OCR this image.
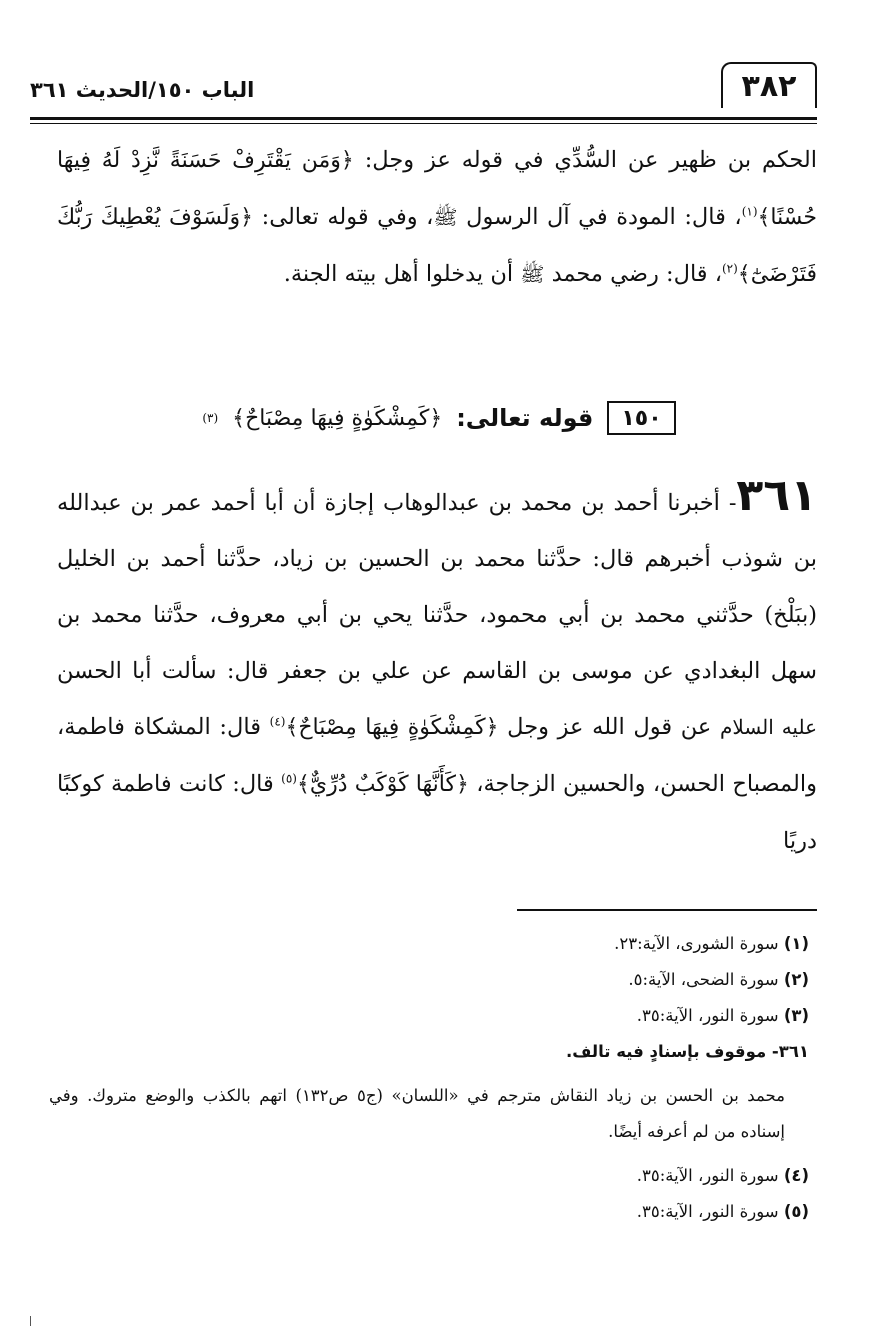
٣٨٢
الباب ١٥٠/الحديث ٣٦١
الحكم بن ظهير عن السُّدِّي في قوله عز وجل: ﴿وَمَن يَقْتَرِفْ حَسَنَةً نَّزِدْ لَهُ فِيهَا حُسْنًا﴾$^{(١)}$، قال: المودة في آل الرسول ﷺ، وفي قوله تعالى: ﴿وَلَسَوْفَ يُعْطِيكَ رَبُّكَ فَتَرْضَىٰٓ﴾$^{(٢)}$، قال: رضي محمد ﷺ أن يدخلوا أهل بيته الجنة.
١٥٠
قوله تعالى:
﴿كَمِشْكَوٰةٍ فِيهَا مِصْبَاحٌ﴾
(٣)
٣٦١- أخبرنا أحمد بن محمد بن عبدالوهاب إجازة أن أبا أحمد عمر بن عبدالله بن شوذب أخبرهم قال: حدَّثنا محمد بن الحسين بن زياد، حدَّثنا أحمد بن الخليل (ببَلْخ) حدَّثني محمد بن أبي محمود، حدَّثنا يحي بن أبي معروف، حدَّثنا محمد بن سهل البغدادي عن موسى بن القاسم عن علي بن جعفر قال: سألت أبا الحسن عليه السلام عن قول الله عز وجل ﴿كَمِشْكَوٰةٍ فِيهَا مِصْبَاحٌ﴾$^{(٤)}$ قال: المشكاة فاطمة، والمصباح الحسن، والحسين الزجاجة، ﴿كَأَنَّهَا كَوْكَبٌ دُرِّيٌّ﴾$^{(٥)}$ قال: كانت فاطمة كوكبًا دريًا

(١) سورة الشورى، الآية:٢٣.

(٢) سورة الضحى، الآية:٥.

(٣) سورة النور، الآية:٣٥.

٣٦١- موقوف بإسنادٍ فيه تالف.

محمد بن الحسن بن زياد النقاش مترجم في «اللسان» (ج٥ ص١٣٢) اتهم بالكذب والوضع متروك. وفي إسناده من لم أعرفه أيضًا.

(٤) سورة النور، الآية:٣٥.

(٥) سورة النور، الآية:٣٥.
